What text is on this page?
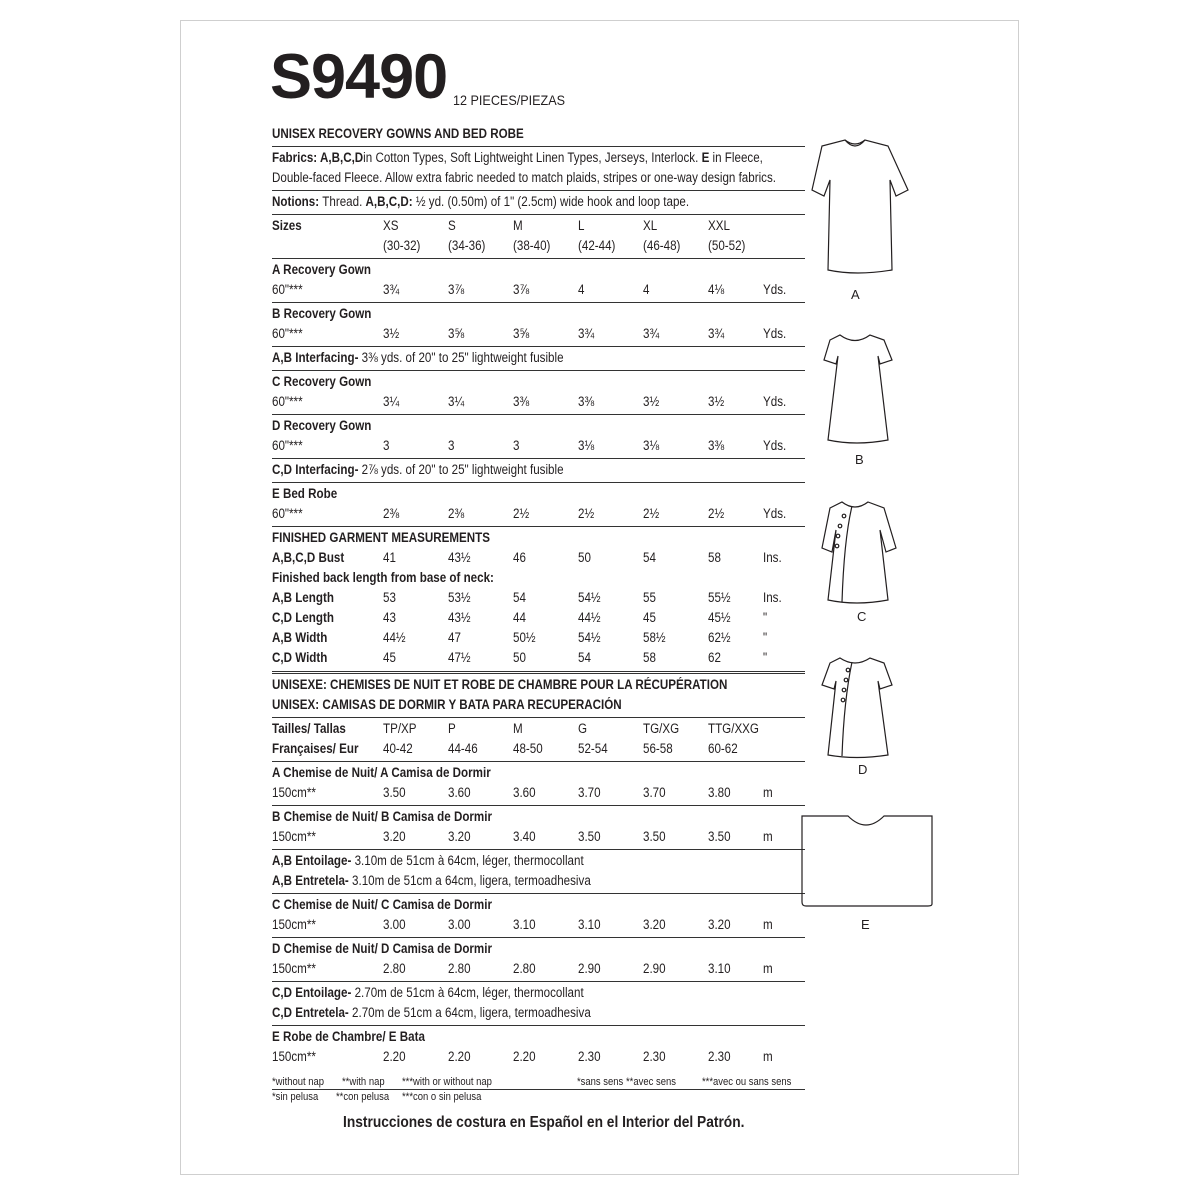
S9490 12 PIECES/PIEZAS
UNISEX RECOVERY GOWNS AND BED ROBE
Fabrics: A,B,C,Din Cotton Types, Soft Lightweight Linen Types, Jerseys, Interlock. E in Fleece,
Double-faced Fleece. Allow extra fabric needed to match plaids, stripes or one-way design fabrics.
Notions: Thread. A,B,C,D: ½ yd. (0.50m) of 1" (2.5cm) wide hook and loop tape.
Sizes	XS	S	M	L	XL	XXL
(30-32)	(34-36)	(38-40)	(42-44)	(46-48)	(50-52)
A Recovery Gown
60"***	3¾	3⅞	3⅞	4	4	4⅛	Yds.
B Recovery Gown
60"***	3½	3⅝	3⅝	3¾	3¾	3¾	Yds.
A,B Interfacing- 3⅜ yds. of 20" to 25" lightweight fusible
C Recovery Gown
60"***	3¼	3¼	3⅜	3⅜	3½	3½	Yds.
D Recovery Gown
60"***	3	3	3	3⅛	3⅛	3⅜	Yds.
C,D Interfacing- 2⅞ yds. of 20" to 25" lightweight fusible
E Bed Robe
60"***	2⅜	2⅜	2½	2½	2½	2½	Yds.
FINISHED GARMENT MEASUREMENTS
A,B,C,D Bust	41	43½	46	50	54	58	Ins.
Finished back length from base of neck:
A,B Length	53	53½	54	54½	55	55½ Ins.
C,D Length	43	43½	44	44½	45	45½ "
A,B Width	44½	47	50½	54½	58½	62½ "
C,D Width	45	47½	50	54	58	62	"
UNISEXE: CHEMISES DE NUIT ET ROBE DE CHAMBRE POUR LA RÉCUPÉRATION
UNISEX: CAMISAS DE DORMIR Y BATA PARA RECUPERACIÓN
Tailles/ Tallas	TP/XP	P	M	G	TG/XG	TTG/XXG
Françaises/ Eur	40-42	44-46	48-50	52-54	56-58	60-62
A Chemise de Nuit/ A Camisa de Dormir
150cm**	3.50	3.60	3.60	3.70	3.70	3.80 m
B Chemise de Nuit/ B Camisa de Dormir
150cm**	3.20	3.20	3.40	3.50	3.50	3.50 m
A,B Entoilage- 3.10m de 51cm à 64cm, léger, thermocollant
A,B Entretela- 3.10m de 51cm a 64cm, ligera, termoadhesiva
C Chemise de Nuit/ C Camisa de Dormir
150cm**	3.00	3.00	3.10	3.10	3.20	3.20 m
D Chemise de Nuit/ D Camisa de Dormir
150cm**	2.80	2.80	2.80	2.90	2.90	3.10 m
C,D Entoilage- 2.70m de 51cm à 64cm, léger, thermocollant
C,D Entretela- 2.70m de 51cm a 64cm, ligera, termoadhesiva
E Robe de Chambre/ E Bata
150cm**	2.20	2.20	2.20	2.30	2.30	2.30 m
*without nap **with nap ***with or without nap	*sans sens **avec sens ***avec ou sans sens
*sin pelusa **con pelusa ***con o sin pelusa
Instrucciones de costura en Español en el Interior del Patrón.
A
B
C
D
E
